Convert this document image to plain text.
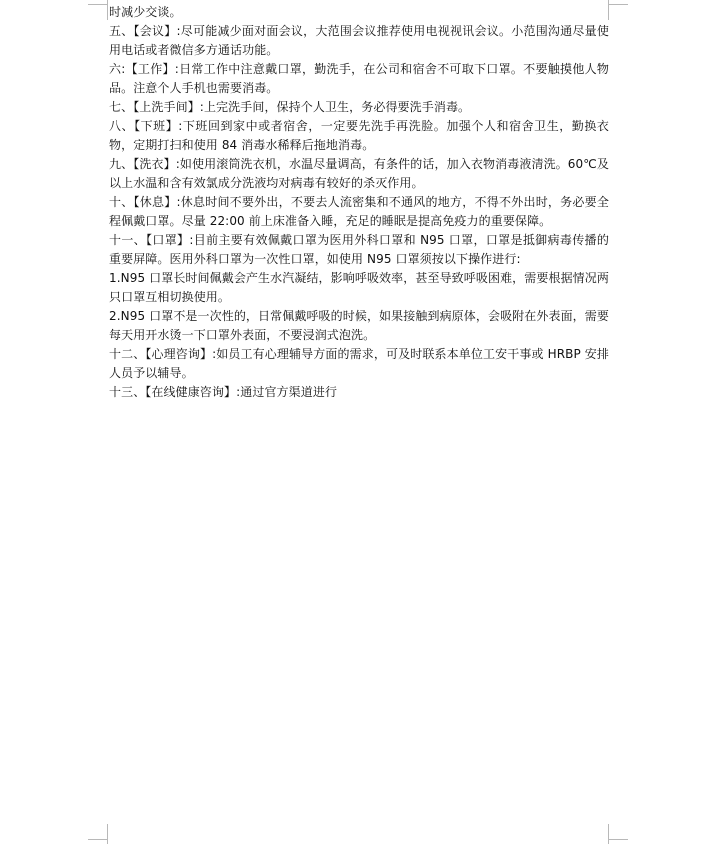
时减少交谈。

五、【会议】:尽可能减少面对面会议，大范围会议推荐使用电视视讯会议。小范围沟通尽量使用电话或者微信多方通话功能。

六:【工作】:日常工作中注意戴口罩，勤洗手，在公司和宿舍不可取下口罩。不要触摸他人物品。注意个人手机也需要消毒。

七、【上洗手间】:上完洗手间，保持个人卫生，务必得要洗手消毒。

八、【下班】:下班回到家中或者宿舍，一定要先洗手再洗脸。加强个人和宿舍卫生，勤换衣物，定期打扫和使用 84 消毒水稀释后拖地消毒。

九、【洗衣】:如使用滚筒洗衣机，水温尽量调高，有条件的话，加入衣物消毒液清洗。60℃及以上水温和含有效氯成分洗液均对病毒有较好的杀灭作用。

十、【休息】:休息时间不要外出，不要去人流密集和不通风的地方，不得不外出时，务必要全程佩戴口罩。尽量 22:00 前上床准备入睡，充足的睡眠是提高免疫力的重要保障。

十一、【口罩】:目前主要有效佩戴口罩为医用外科口罩和 N95 口罩，口罩是抵御病毒传播的重要屏障。医用外科口罩为一次性口罩，如使用 N95 口罩须按以下操作进行:

1.N95 口罩长时间佩戴会产生水汽凝结，影响呼吸效率，甚至导致呼吸困难，需要根据情况两只口罩互相切换使用。

2.N95 口罩不是一次性的，日常佩戴呼吸的时候，如果接触到病原体，会吸附在外表面，需要每天用开水烫一下口罩外表面，不要浸润式泡洗。

十二、【心理咨询】:如员工有心理辅导方面的需求，可及时联系本单位工安干事或 HRBP 安排人员予以辅导。

十三、【在线健康咨询】:通过官方渠道进行
